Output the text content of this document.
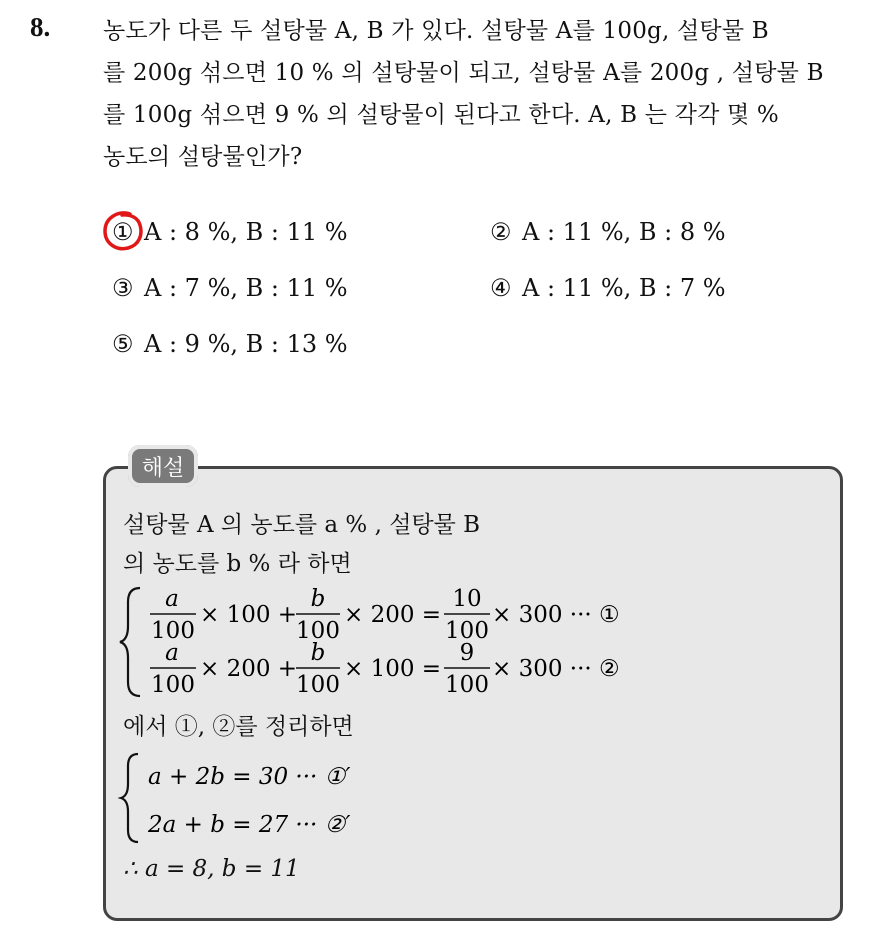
8. 농도가 다른 두 설탕물 A, B 가 있다. 설탕물 A를 100g, 설탕물 B
를 200g 섞으면 10 % 의 설탕물이 되고, 설탕물 A를 200g , 설탕물 B
를 100g 섞으면 9 % 의 설탕물이 된다고 한다. A, B 는 각각 몇 %
농도의 설탕물인가?
① A : 8 %, B : 11 %	② A : 11 %, B : 8 %
③ A : 7 %, B : 11 %	④ A : 11 %, B : 7 %
⑤ A : 9 %, B : 13 %
해설
설탕물 A 의 농도를 a % , 설탕물 B
의 농도를 b % 라 하면
a
100
× 100 +
b
100
× 200 =
10
100
× 300 ··· ①
a
100
× 200 +
b
100
× 100 =
9
100
× 300 ··· ②
에서 ①, ②를 정리하면
a + 2b = 30 ··· ①′
2a + b = 27 ··· ②′
∴ a = 8, b = 11
